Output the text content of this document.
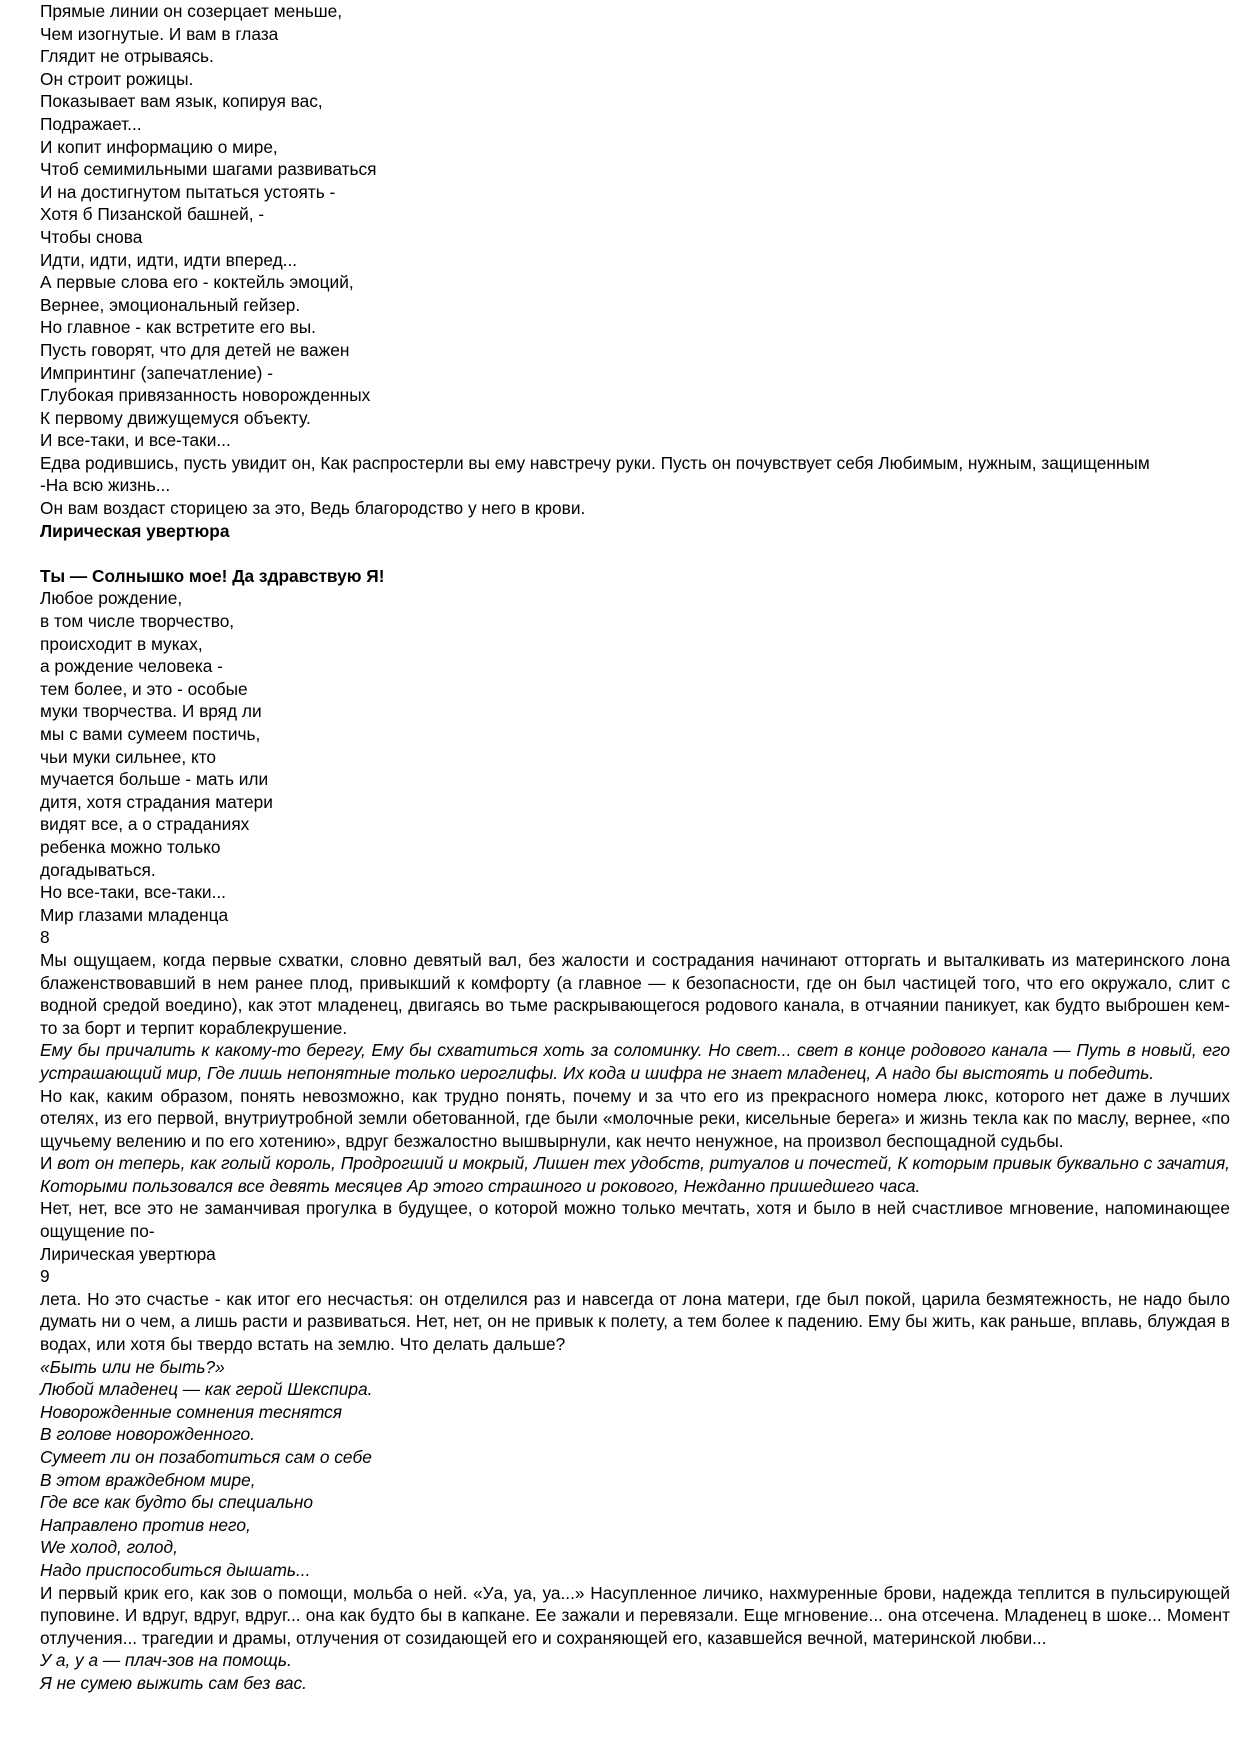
Прямые линии он созерцает меньше,
Чем изогнутые. И вам в глаза
Глядит не отрываясь.
Он строит рожицы.
Показывает вам язык, копируя вас,
Подражает...
И копит информацию о мире,
Чтоб семимильными шагами развиваться
И на достигнутом пытаться устоять -
Хотя б Пизанской башней, -
Чтобы снова
Идти, идти, идти, идти вперед...
А первые слова его - коктейль эмоций,
Вернее, эмоциональный гейзер.
Но главное - как встретите его вы.
Пусть говорят, что для детей не важен
Импринтинг (запечатление) -
Глубокая привязанность новорожденных
К первому движущемуся объекту.
И все-таки, и все-таки...
Едва родившись, пусть увидит он, Как распростерли вы ему навстречу руки. Пусть он почувствует себя Любимым, нужным, защищенным
-На всю жизнь...
Он вам воздаст сторицею за это, Ведь благородство у него в крови.
Лирическая увертюра
Ты — Солнышко мое! Да здравствую Я!
Любое рождение,
в том числе творчество,
происходит в муках,
а рождение человека -
тем более, и это - особые
муки творчества. И вряд ли
мы с вами сумеем постичь,
чьи муки сильнее, кто
мучается больше - мать или
дитя, хотя страдания матери
видят все, а о страданиях
ребенка можно только
догадываться.
Но все-таки, все-таки...
Мир глазами младенца
8
Мы ощущаем, когда первые схватки, словно девятый вал, без жалости и сострадания начинают отторгать и выталкивать из материнского лона блаженствовавший в нем ранее плод, привыкший к комфорту (а главное — к безопасности, где он был частицей того, что его окружало, слит с водной средой воедино), как этот младенец, двигаясь во тьме раскрывающегося родового канала, в отчаянии паникует, как будто выброшен кем-то за борт и терпит кораблекрушение.
Ему бы причалить к какому-то берегу, Ему бы схватиться хоть за соломинку. Но свет... свет в конце родового канала — Путь в новый, его устрашающий мир, Где лишь непонятные только иероглифы. Их кода и шифра не знает младенец, А надо бы выстоять и победить.
Но как, каким образом, понять невозможно, как трудно понять, почему и за что его из прекрасного номера люкс, которого нет даже в лучших отелях, из его первой, внутриутробной земли обетованной, где были «молочные реки, кисельные берега» и жизнь текла как по маслу, вернее, «по щучьему велению и по его хотению», вдруг безжалостно вышвырнули, как нечто ненужное, на произвол беспощадной судьбы.
И вот он теперь, как голый король, Продрогший и мокрый, Лишен тех удобств, ритуалов и почестей, К которым привык буквально с зачатия, Которыми пользовался все девять месяцев Ар этого страшного и рокового, Нежданно пришедшего часа.
Нет, нет, все это не заманчивая прогулка в будущее, о которой можно только мечтать, хотя и было в ней счастливое мгновение, напоминающее ощущение по-
Лирическая увертюра
9
лета. Но это счастье - как итог его несчастья: он отделился раз и навсегда от лона матери, где был покой, царила безмятежность, не надо было думать ни о чем, а лишь расти и развиваться. Нет, нет, он не привык к полету, а тем более к падению. Ему бы жить, как раньше, вплавь, блуждая в водах, или хотя бы твердо встать на землю. Что делать дальше?
«Быть или не быть?»
Любой младенец — как герой Шекспира.
Новорожденные сомнения теснятся
В голове новорожденного.
Сумеет ли он позаботиться сам о себе
В этом враждебном мире,
Где все как будто бы специально
Направлено против него,
We холод, голод,
Надо приспособиться дышать...
И первый крик его, как зов о помощи, мольба о ней. «Уа, уа, уа...» Насупленное личико, нахмуренные брови, надежда теплится в пульсирующей пуповине. И вдруг, вдруг, вдруг... она как будто бы в капкане. Ее зажали и перевязали. Еще мгновение... она отсечена. Младенец в шоке... Момент отлучения... трагедии и драмы, отлучения от созидающей его и сохраняющей его, казавшейся вечной, материнской любви...
У а, у а — плач-зов на помощь.
Я не сумею выжить сам без вас.
